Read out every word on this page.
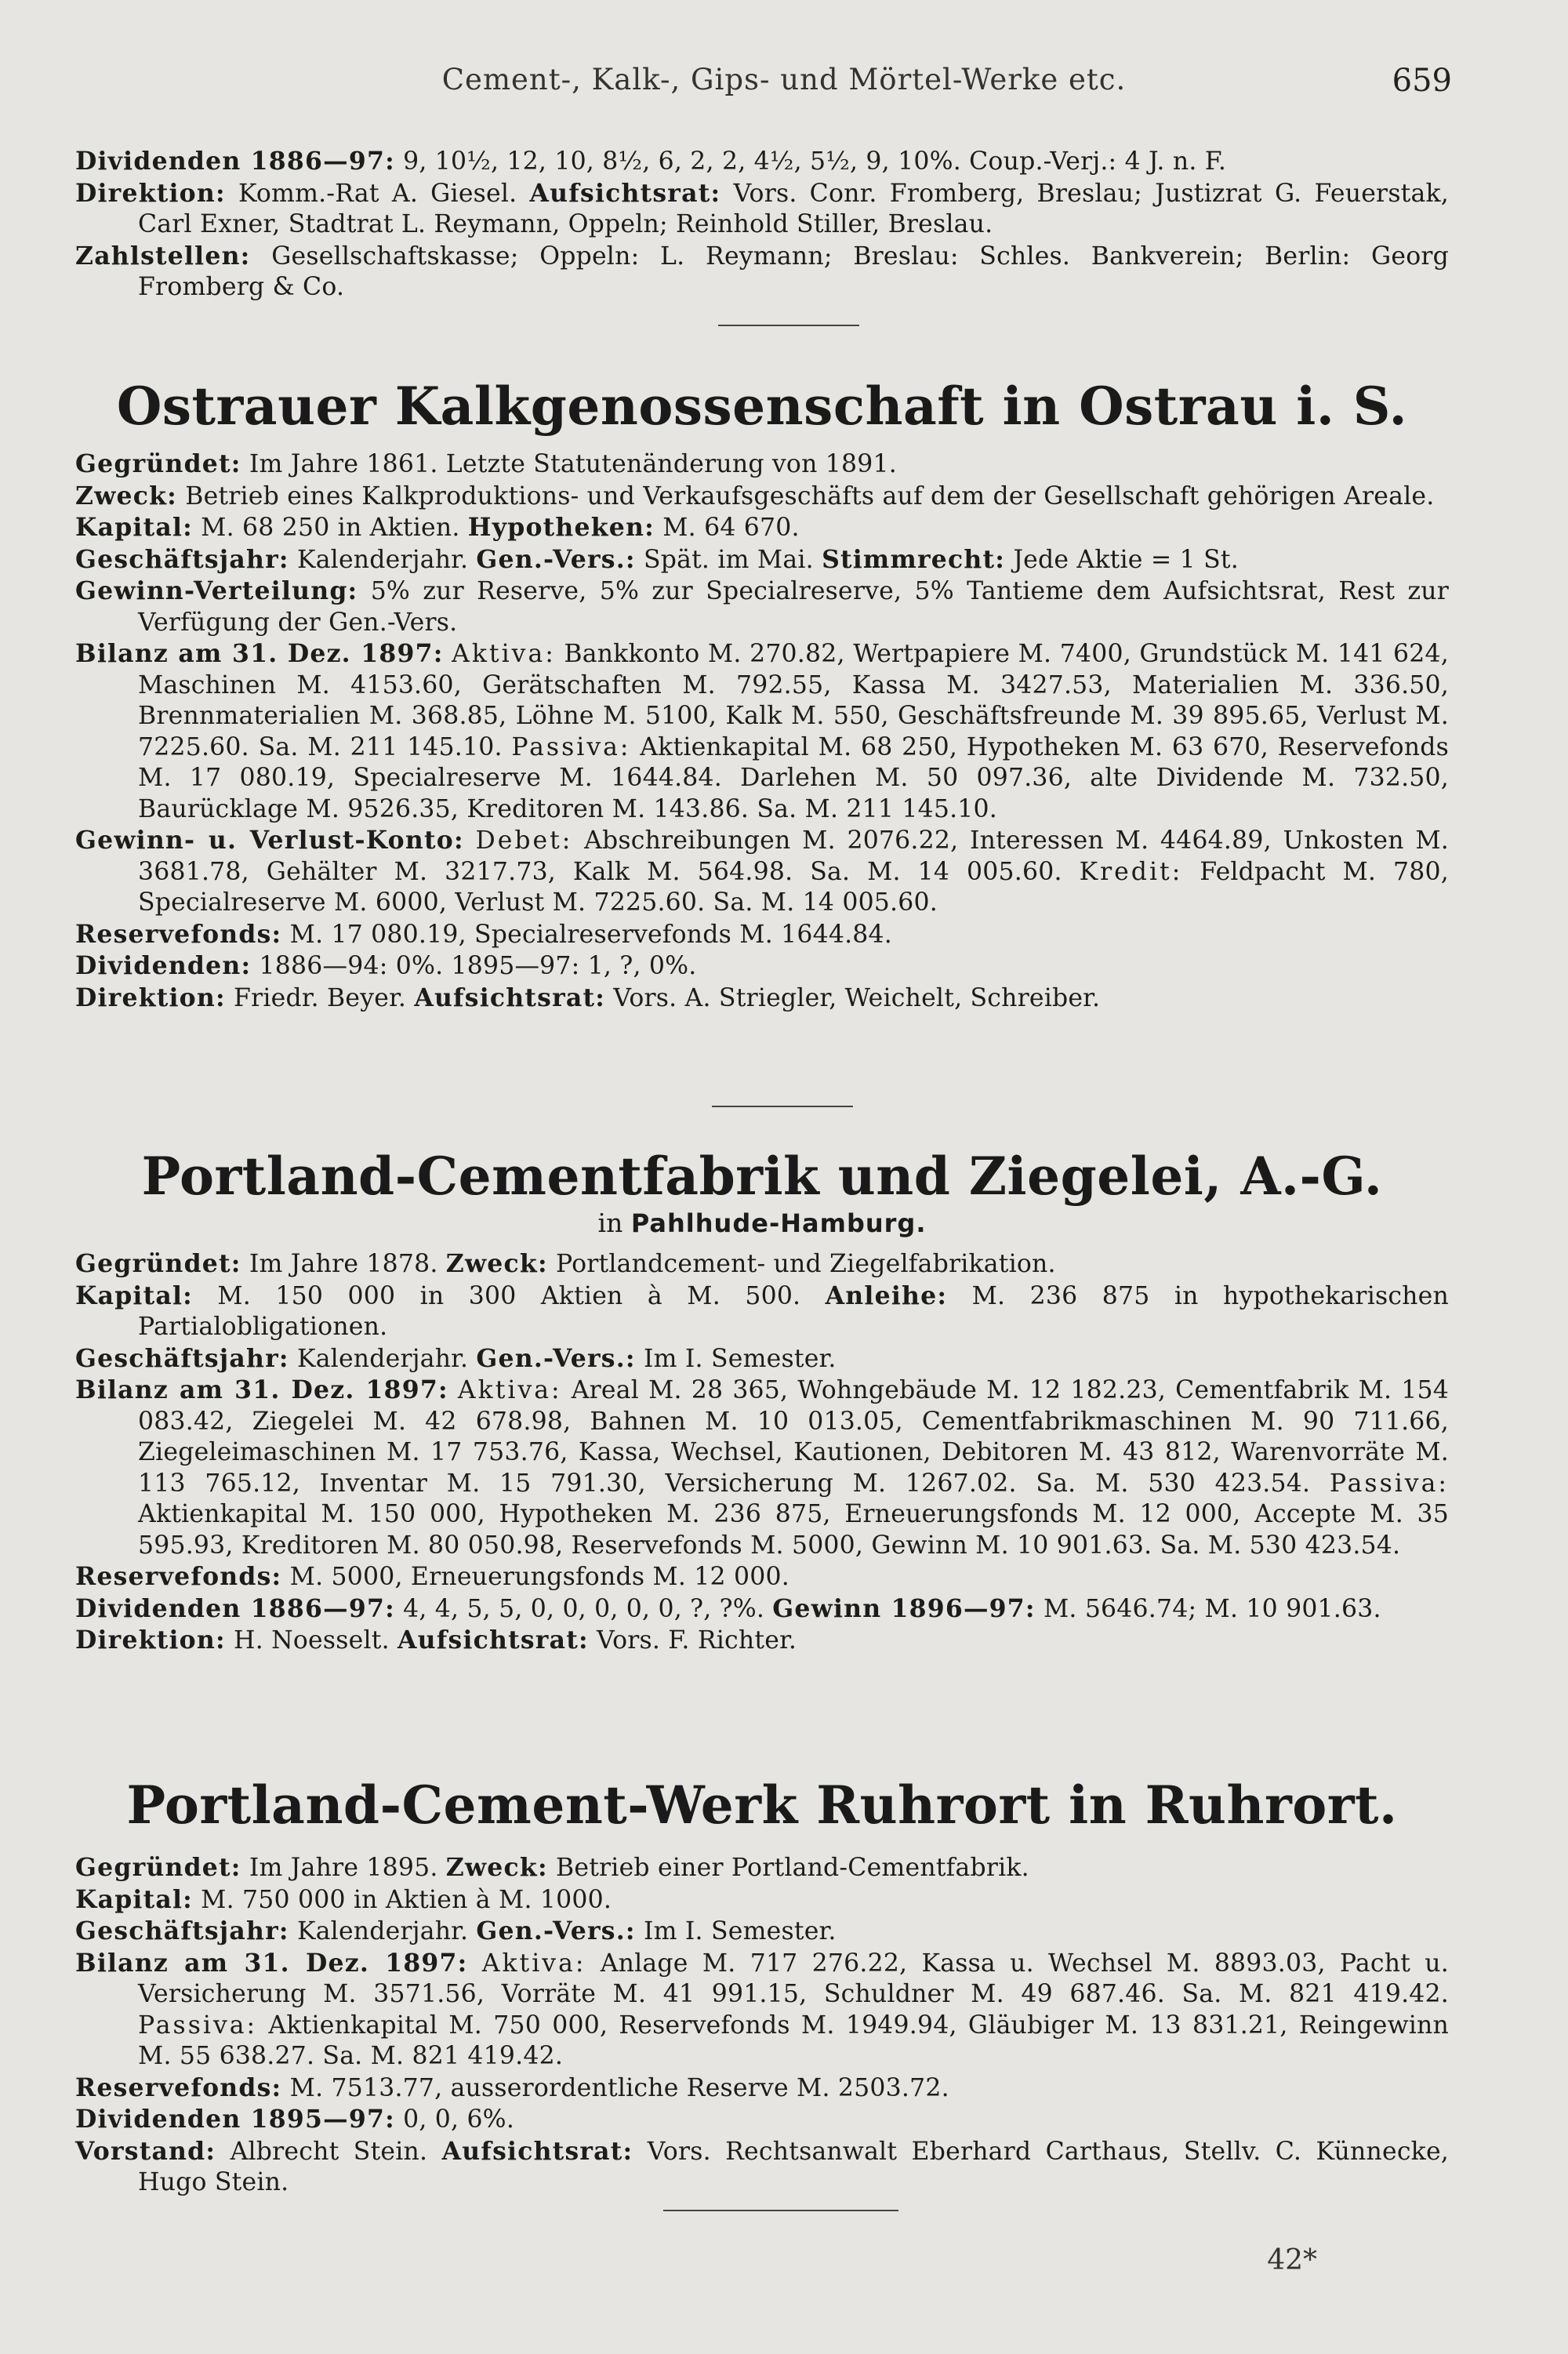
Cement-, Kalk-, Gips- und Mörtel-Werke etc.	659

Dividenden 1886—97: 9, 10½, 12, 10, 8½, 6, 2, 2, 4½, 5½, 9, 10%. Coup.-Verj.: 4 J. n. F.

Direktion: Komm.-Rat A. Giesel. Aufsichtsrat: Vors. Conr. Fromberg, Breslau; Justizrat G. Feuerstak, Carl Exner, Stadtrat L. Reymann, Oppeln; Reinhold Stiller, Breslau.

Zahlstellen: Gesellschaftskasse; Oppeln: L. Reymann; Breslau: Schles. Bankverein; Berlin: Georg Fromberg & Co.

Ostrauer Kalkgenossenschaft in Ostrau i. S.

Gegründet: Im Jahre 1861. Letzte Statutenänderung von 1891.

Zweck: Betrieb eines Kalkproduktions- und Verkaufsgeschäfts auf dem der Gesellschaft gehörigen Areale.

Kapital: M. 68 250 in Aktien. Hypotheken: M. 64 670.

Geschäftsjahr: Kalenderjahr. Gen.-Vers.: Spät. im Mai. Stimmrecht: Jede Aktie = 1 St.

Gewinn-Verteilung: 5% zur Reserve, 5% zur Specialreserve, 5% Tantieme dem Aufsichtsrat, Rest zur Verfügung der Gen.-Vers.

Bilanz am 31. Dez. 1897: Aktiva: Bankkonto M. 270.82, Wertpapiere M. 7400, Grundstück M. 141 624, Maschinen M. 4153.60, Gerätschaften M. 792.55, Kassa M. 3427.53, Materialien M. 336.50, Brennmaterialien M. 368.85, Löhne M. 5100, Kalk M. 550, Geschäftsfreunde M. 39 895.65, Verlust M. 7225.60. Sa. M. 211 145.10. Passiva: Aktienkapital M. 68 250, Hypotheken M. 63 670, Reservefonds M. 17 080.19, Specialreserve M. 1644.84. Darlehen M. 50 097.36, alte Dividende M. 732.50, Baurücklage M. 9526.35, Kreditoren M. 143.86. Sa. M. 211 145.10.

Gewinn- u. Verlust-Konto: Debet: Abschreibungen M. 2076.22, Interessen M. 4464.89, Unkosten M. 3681.78, Gehälter M. 3217.73, Kalk M. 564.98. Sa. M. 14 005.60. Kredit: Feldpacht M. 780, Specialreserve M. 6000, Verlust M. 7225.60. Sa. M. 14 005.60.

Reservefonds: M. 17 080.19, Specialreservefonds M. 1644.84.

Dividenden: 1886—94: 0%. 1895—97: 1, ?, 0%.

Direktion: Friedr. Beyer. Aufsichtsrat: Vors. A. Striegler, Weichelt, Schreiber.

Portland-Cementfabrik und Ziegelei, A.-G.

in Pahlhude-Hamburg.

Gegründet: Im Jahre 1878. Zweck: Portlandcement- und Ziegelfabrikation.

Kapital: M. 150 000 in 300 Aktien à M. 500. Anleihe: M. 236 875 in hypothekarischen Partialobligationen.

Geschäftsjahr: Kalenderjahr. Gen.-Vers.: Im I. Semester.

Bilanz am 31. Dez. 1897: Aktiva: Areal M. 28 365, Wohngebäude M. 12 182.23, Cementfabrik M. 154 083.42, Ziegelei M. 42 678.98, Bahnen M. 10 013.05, Cementfabrikmaschinen M. 90 711.66, Ziegeleimaschinen M. 17 753.76, Kassa, Wechsel, Kautionen, Debitoren M. 43 812, Warenvorräte M. 113 765.12, Inventar M. 15 791.30, Versicherung M. 1267.02. Sa. M. 530 423.54. Passiva: Aktienkapital M. 150 000, Hypotheken M. 236 875, Erneuerungsfonds M. 12 000, Accepte M. 35 595.93, Kreditoren M. 80 050.98, Reservefonds M. 5000, Gewinn M. 10 901.63. Sa. M. 530 423.54.

Reservefonds: M. 5000, Erneuerungsfonds M. 12 000.

Dividenden 1886—97: 4, 4, 5, 5, 0, 0, 0, 0, 0, ?, ?%. Gewinn 1896—97: M. 5646.74; M. 10 901.63.

Direktion: H. Noesselt. Aufsichtsrat: Vors. F. Richter.

Portland-Cement-Werk Ruhrort in Ruhrort.

Gegründet: Im Jahre 1895. Zweck: Betrieb einer Portland-Cementfabrik.

Kapital: M. 750 000 in Aktien à M. 1000.

Geschäftsjahr: Kalenderjahr. Gen.-Vers.: Im I. Semester.

Bilanz am 31. Dez. 1897: Aktiva: Anlage M. 717 276.22, Kassa u. Wechsel M. 8893.03, Pacht u. Versicherung M. 3571.56, Vorräte M. 41 991.15, Schuldner M. 49 687.46. Sa. M. 821 419.42. Passiva: Aktienkapital M. 750 000, Reservefonds M. 1949.94, Gläubiger M. 13 831.21, Reingewinn M. 55 638.27. Sa. M. 821 419.42.

Reservefonds: M. 7513.77, ausserordentliche Reserve M. 2503.72.

Dividenden 1895—97: 0, 0, 6%.

Vorstand: Albrecht Stein. Aufsichtsrat: Vors. Rechtsanwalt Eberhard Carthaus, Stellv. C. Künnecke, Hugo Stein.

42*
